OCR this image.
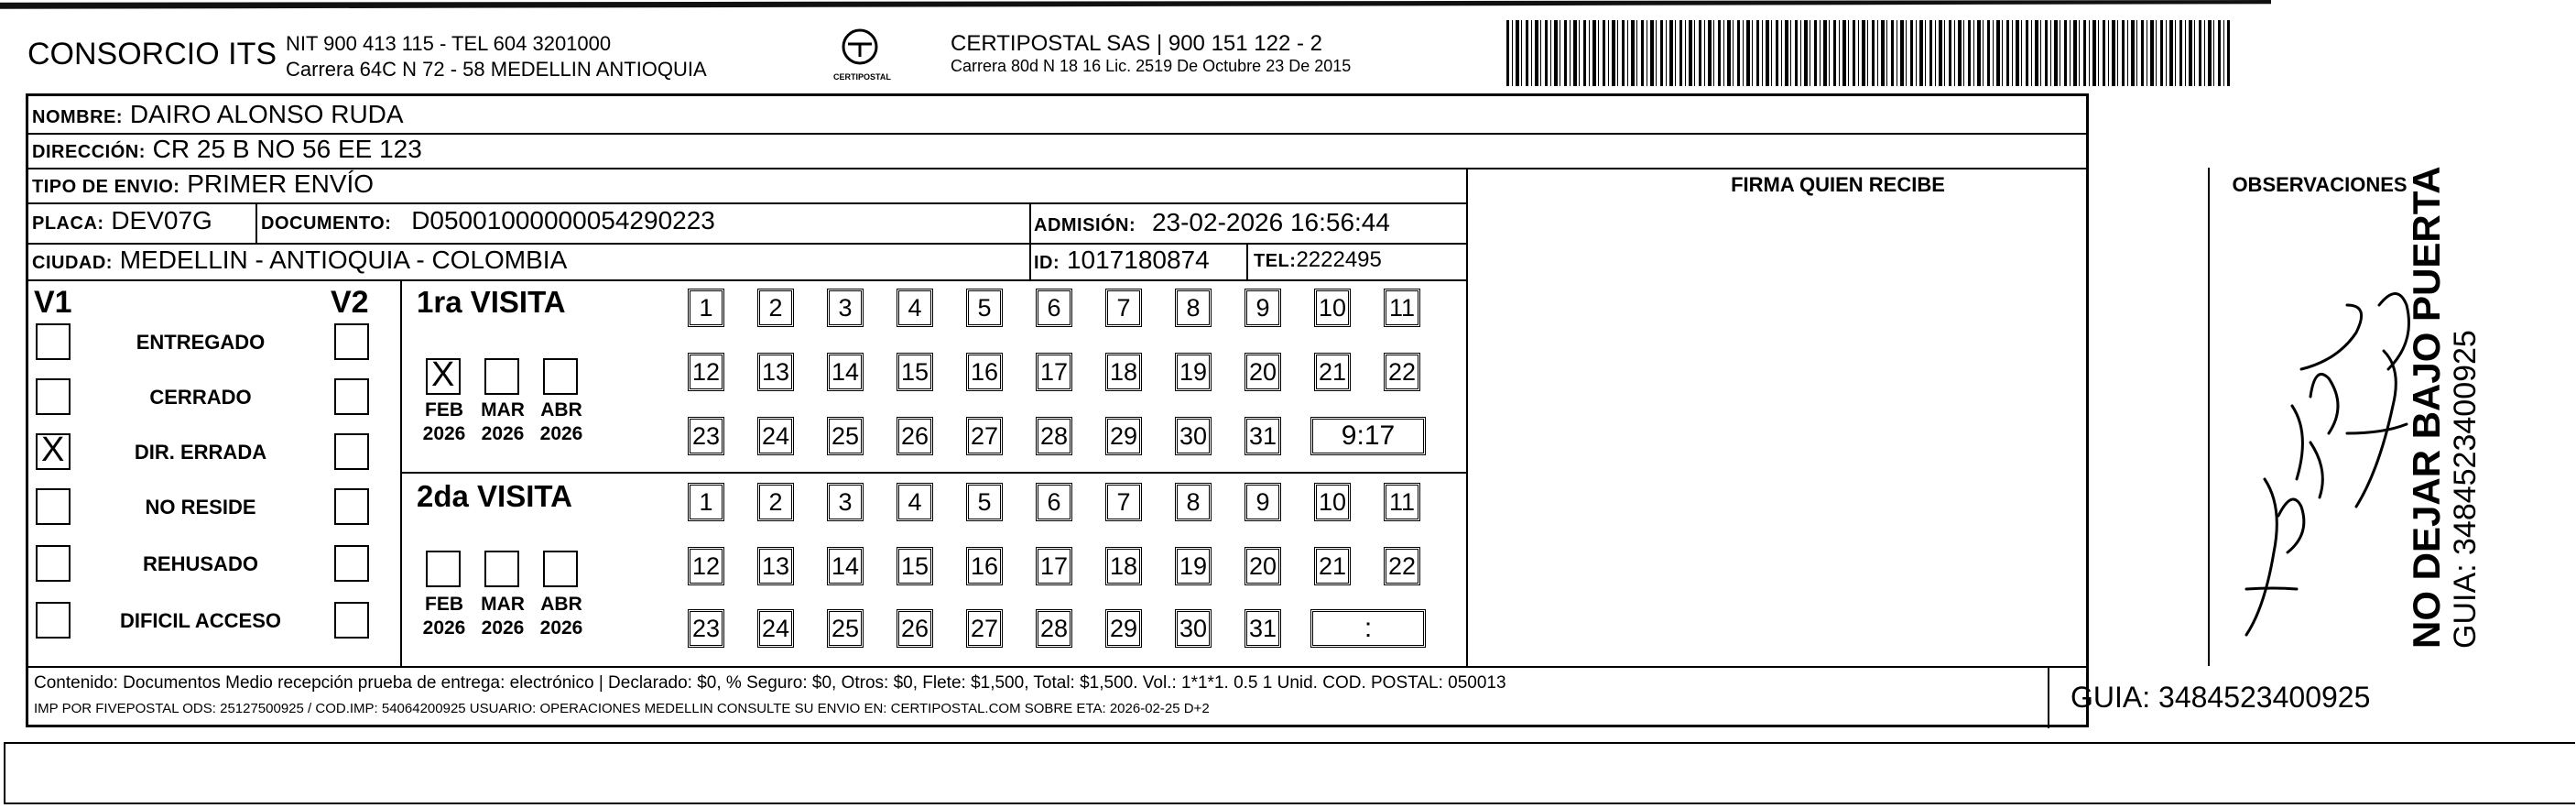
CONSORCIO ITS NIT 900 413 115 - TEL 604 3201000
Carrera 64C N 72 - 58 MEDELLIN ANTIOQUIA	CERTIPOSTAL
CERTIPOSTAL SAS | 900 151 122 - 2
Carrera 80d N 18 16 Lic. 2519 De Octubre 23 De 2015
NOMBRE: DAIRO ALONSO RUDA
DIRECCIÓN: CR 25 B NO 56 EE 123
TIPO DE ENVIO: PRIMER ENVÍO
PLACA: DEV07G	DOCUMENTO: D05001000000054290223	ADMISIÓN: 23-02-2026 16:56:44
CIUDAD: MEDELLIN - ANTIOQUIA - COLOMBIA	ID: 1017180874 TEL:2222495
FIRMA QUIEN RECIBE	OBSERVACIONES
V1	V2
ENTREGADO
CERRADO
X	DIR. ERRADA
NO RESIDE
REHUSADO
DIFICIL ACCESO
1ra VISITA
2da VISITA
X
FEB
2026
MAR
2026
ABR
2026
FEB
2026
MAR
2026
ABR
2026
1	2	3	4	5	6	7	8	9	10 11
12 13 14 15 16 17 18 19 20 21 22
23 24 25 26 27 28 29 30 31	9:17
1	2	3	4	5	6	7	8	9	10 11
12 13 14 15 16 17 18 19 20 21 22
23 24 25 26 27 28 29 30 31	:
Contenido: Documentos Medio recepción prueba de entrega: electrónico | Declarado: $0, % Seguro: $0, Otros: $0, Flete: $1,500, Total: $1,500. Vol.: 1*1*1. 0.5 1 Unid. COD. POSTAL: 050013
IMP POR FIVEPOSTAL ODS: 25127500925 / COD.IMP: 54064200925 USUARIO: OPERACIONES MEDELLIN CONSULTE SU ENVIO EN: CERTIPOSTAL.COM SOBRE ETA: 2026-02-25 D+2	GUIA: 3484523400925
NO DEJAR BAJO PUERTA GUIA: 3484523400925
